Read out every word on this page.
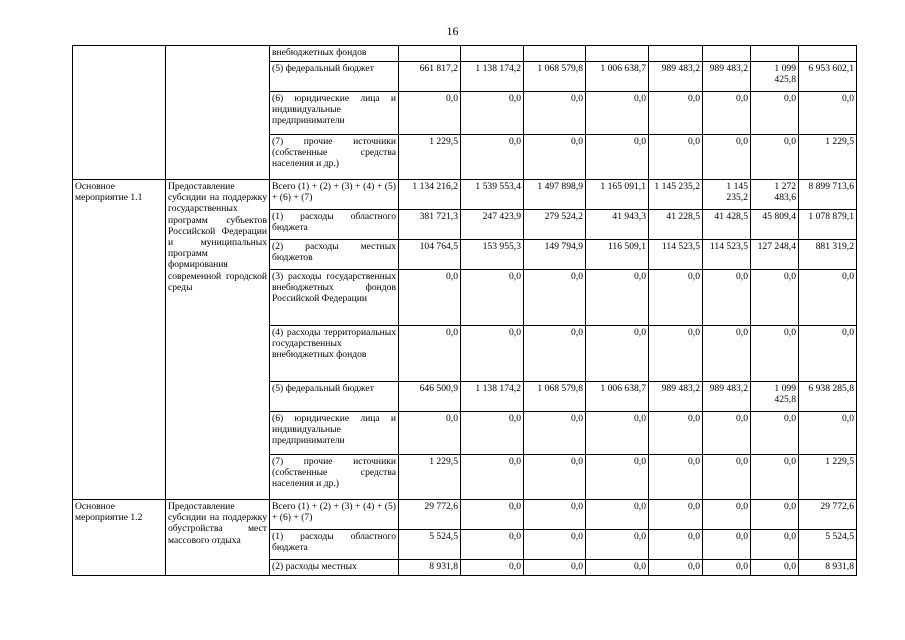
16
		внебюджетных фондов								
		(5) федеральный бюджет	661 817,2	1 138 174,2	1 068 579,8	1 006 638,7	989 483,2	989 483,2	1 099 425,8	6 953 602,1
		(6) юридические лица и индивидуальные предприниматели	0,0	0,0	0,0	0,0	0,0	0,0	0,0	0,0
		(7) прочие источники (собственные средства населения и др.)	1 229,5	0,0	0,0	0,0	0,0	0,0	0,0	1 229,5
Основное мероприятие 1.1	Предоставление субсидии на поддержку государственных программ субъектов Российской Федерации и муниципальных программ формирования современной городской среды	Всего (1) + (2) + (3) + (4) + (5) + (6) + (7)	1 134 216,2	1 539 553,4	1 497 898,9	1 165 091,1	1 145 235,2	1 145 235,2	1 272 483,6	8 899 713,6
		(1) расходы областного бюджета	381 721,3	247 423,9	279 524,2	41 943,3	41 228,5	41 428,5	45 809,4	1 078 879,1
		(2) расходы местных бюджетов	104 764,5	153 955,3	149 794,9	116 509,1	114 523,5	114 523,5	127 248,4	881 319,2
		(3) расходы государственных внебюджетных фондов Российской Федерации	0,0	0,0	0,0	0,0	0,0	0,0	0,0	0,0
		(4) расходы территориальных государственных внебюджетных фондов	0,0	0,0	0,0	0,0	0,0	0,0	0,0	0,0
		(5) федеральный бюджет	646 500,9	1 138 174,2	1 068 579,8	1 006 638,7	989 483,2	989 483,2	1 099 425,8	6 938 285,8
		(6) юридические лица и индивидуальные предприниматели	0,0	0,0	0,0	0,0	0,0	0,0	0,0	0,0
		(7) прочие источники (собственные средства населения и др.)	1 229,5	0,0	0,0	0,0	0,0	0,0	0,0	1 229,5
Основное мероприятие 1.2	Предоставление субсидии на поддержку обустройства мест массового отдыха	Всего (1) + (2) + (3) + (4) + (5) + (6) + (7)	29 772,6	0,0	0,0	0,0	0,0	0,0	0,0	29 772,6
		(1) расходы областного бюджета	5 524,5	0,0	0,0	0,0	0,0	0,0	0,0	5 524,5
		(2) расходы местных	8 931,8	0,0	0,0	0,0	0,0	0,0	0,0	8 931,8
